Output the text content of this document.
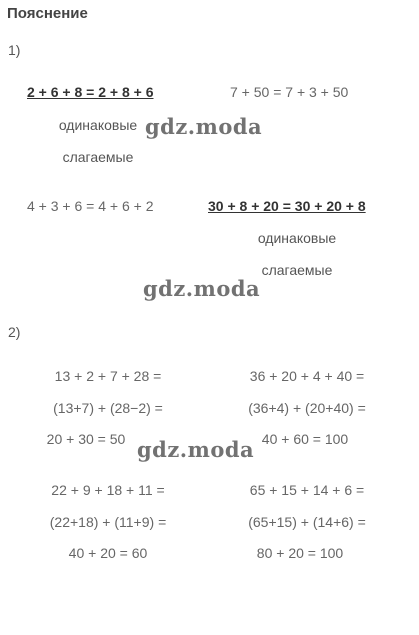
Пояснение
1)
2 + 6 + 8 = 2 + 8 + 6	7 + 50 = 7 + 3 + 50
одинаковые
слагаемые
4 + 3 + 6 = 4 + 6 + 2	30 + 8 + 20 = 30 + 20 + 8
одинаковые
слагаемые
2)
13 + 2 + 7 + 28 =
(13+7) + (28−2) =
20 + 30 = 50
36 + 20 + 4 + 40 =
(36+4) + (20+40) =
40 + 60 = 100
22 + 9 + 18 + 11 =
(22+18) + (11+9) =
40 + 20 = 60
65 + 15 + 14 + 6 =
(65+15) + (14+6) =
80 + 20 = 100
gdz.moda
gdz.moda
gdz.moda
